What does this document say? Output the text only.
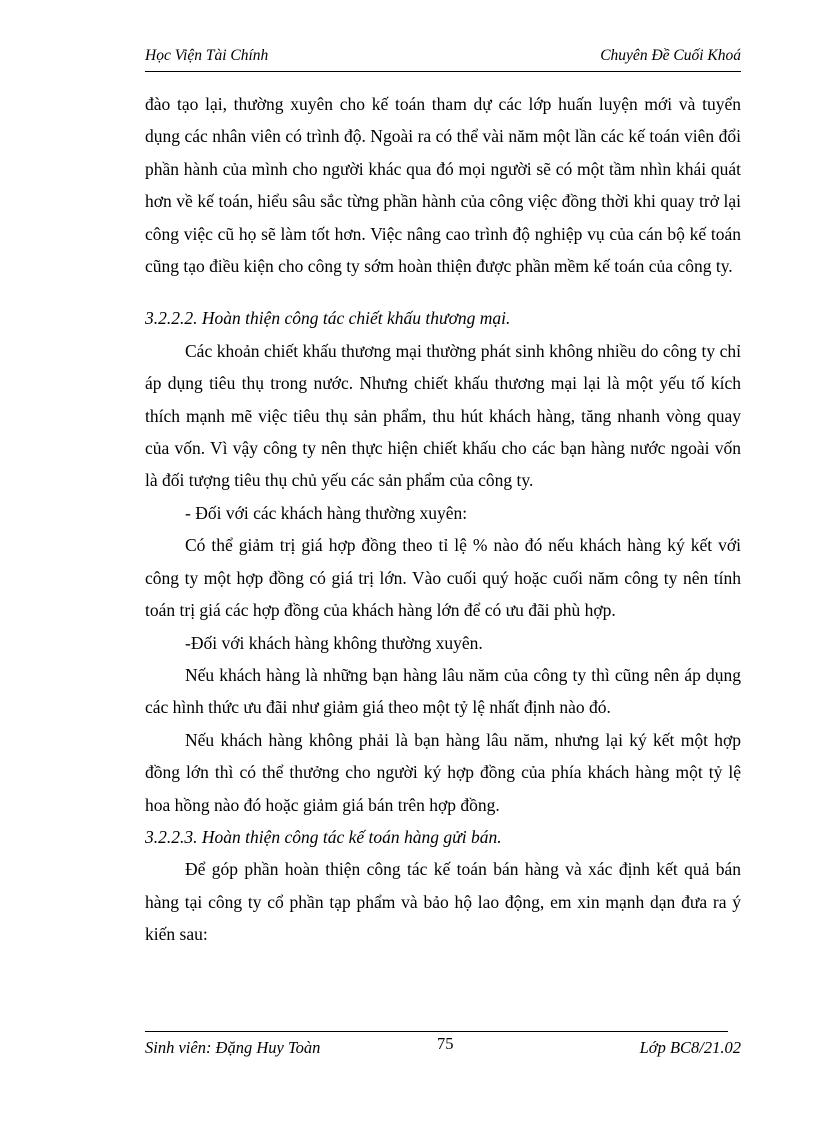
Học Viện Tài Chính	Chuyên Đề Cuối Khoá

đào tạo lại, thường xuyên cho kế toán tham dự các lớp huấn luyện mới và tuyển dụng các nhân viên có trình độ. Ngoài ra có thể vài năm một lần các kế toán viên đổi phần hành của mình cho người khác qua đó mọi người sẽ có một tầm nhìn khái quát hơn về kế toán, hiểu sâu sắc từng phần hành của công việc đồng thời khi quay trở lại công việc cũ họ sẽ làm tốt hơn. Việc nâng cao trình độ nghiệp vụ của cán bộ kế toán cũng tạo điều kiện cho công ty sớm hoàn thiện được phần mềm kế toán của công ty.

3.2.2.2. Hoàn thiện công tác chiết khấu thương mại.

Các khoản chiết khấu thương mại thường phát sinh không nhiều do công ty chỉ áp dụng tiêu thụ trong nước. Nhưng chiết khấu thương mại lại là một yếu tố kích thích mạnh mẽ việc tiêu thụ sản phẩm, thu hút khách hàng, tăng nhanh vòng quay của vốn. Vì vậy công ty nên thực hiện chiết khấu cho các bạn hàng nước ngoài vốn là đối tượng tiêu thụ chủ yếu các sản phẩm của công ty.

- Đối với các khách hàng thường xuyên:

Có thể giảm trị giá hợp đồng theo tỉ lệ % nào đó nếu khách hàng ký kết với công ty một hợp đồng có giá trị lớn. Vào cuối quý hoặc cuối năm công ty nên tính toán trị giá các hợp đồng của khách hàng lớn để có ưu đãi phù hợp.

-Đối với khách hàng không thường xuyên.

Nếu khách hàng là những bạn hàng lâu năm của công ty thì cũng nên áp dụng các hình thức ưu đãi như giảm giá theo một tỷ lệ nhất định nào đó.

Nếu khách hàng không phải là bạn hàng lâu năm, nhưng lại ký kết một hợp đồng lớn thì có thể thưởng cho người ký hợp đồng của phía khách hàng một tỷ lệ hoa hồng nào đó hoặc giảm giá bán trên hợp đồng.

3.2.2.3. Hoàn thiện công tác kế toán hàng gửi bán.

Để góp phần hoàn thiện công tác kế toán bán hàng và xác định kết quả bán hàng tại công ty cổ phần tạp phẩm và bảo hộ lao động, em xin mạnh dạn đưa ra ý kiến sau:

Sinh viên: Đặng Huy Toàn	75	Lớp BC8/21.02
